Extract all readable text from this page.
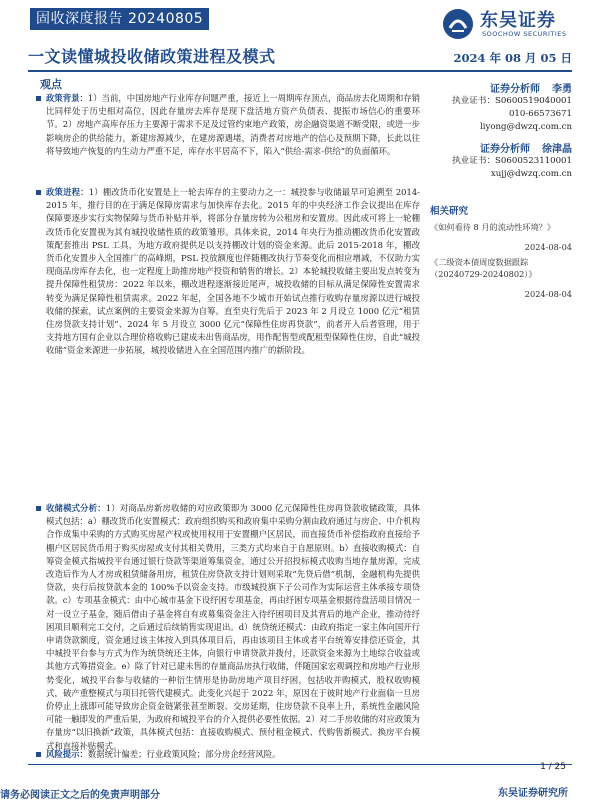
固收深度报告 20240805	东吴证券
SOOCHOW SECURITIES
一文读懂城投收储政策进程及模式	2024 年 08 月 05 日
观点
政策背景：1）当前，中国房地产行业库存问题严重，接近上一周期库存顶点，商品房去化周期和存销比同样处于历史相对高位，因此存量房去库存是现下盘活地方资产负债表、提振市场信心的重要环节。2）房地产高库存压力主要源于需求不足及过管约束地产政策，房企融资渠道不断受限，或进一步影响房企的供给能力，新建房源减少，在建房源遇堵，消费者对房地产的信心及预期下降，长此以往将导致地产恢复的内生动力严重不足，库存水平居高不下，陷入“供给-需求-供给”的负面循环。
政策进程：1）棚改货币化安置是上一轮去库存的主要动力之一：城投参与收储最早可追溯至 2014-2015 年，推行目的在于满足保障房需求与加快库存去化。2015 年的中央经济工作会议提出在库存保障要逐步实行实物保障与货币补贴并举，将部分存量房转为公租房和安置房。因此成可将上一轮棚改货币化安置视为其有城投收储性质的政策雏形。具体来说，2014 年央行为推动棚改货币化安置政策配套推出 PSL 工具，为地方政府提供足以支持棚改计划的资金来源。此后 2015-2018 年，棚改货币化安置步入全国推广的高峰期，PSL 投放额度也伴随棚改执行节奏变化而相应增减，不仅助力实现商品房库存去化，也一定程度上助推房地产投资和销售的增长。2）本轮城投收储主要出发点转变为提升保障性租赁房：2022 年以来，棚改进程逐渐接近尾声，城投收储的目标从满足保障性安置需求转变为满足保障性租赁需求。2022 年起，全国各地不少城市开始试点推行收购存量房源以进行城投收储的探索，试点案例的主要资金来源为自筹。直至央行先后于 2023 年 2 月设立 1000 亿元“租赁住房贷款支持计划”、2024 年 5 月设立 3000 亿元“保障性住房再贷款”，前者开入后者管理，用于支持地方国有企业以合理价格收购已建成未出售商品房，用作配售型或配租型保障性住房，自此“城投收储”资金来源进一步拓展，城投收储进入在全国范围内推广的新阶段。
收储模式分析：1）对商品房新房收储的对应政策即为 3000 亿元保障性住房再贷款收储政策，具体模式包括：a）棚改货币化安置模式：政府组织购买和政府集中采购分割由政府通过与房企、中介机构合作成集中采购的方式购买房屋产权或使用权用于安置棚户区居民，而直接货币补偿指政府直接给予棚户区居民货币用于购买房屋或支付其相关费用，三类方式均来自于自愿原则。b）直接收购模式：自筹资金模式指城投平台通过银行贷款等渠道筹集资金，通过公开招投标模式收购当地存量房源，完成改造后作为人才房或租赁储备用房，租赁住房贷款支持计划则采取“先贷后借”机制，金融机构先提供贷款，央行后按贷款本金的 100%予以资金支持。市级城投旗下子公司作为实际运营主体承接专项贷款。c）专项基金模式：由中心城市基金下设纾困专项基金，再由纾困专项基金根据待盘活项目情况一对一设立子基金，随后借由子基金将自有或募集资金注入待纾困项目及其背后的地产企业，推动待纾困项目顺利完工交付，之后通过后续销售实现退出。d）统贷统还模式：由政府指定一家主体向国开行申请贷款额度，资金通过该主体按入到具体项目后，再由该项目主体或者平台统筹安排偿还资金，其中城投平台参与方式为作为统贷统还主体，向银行申请贷款并拨付，还款资金来源为土地综合收益或其他方式筹措资金。e）除了针对已建未售的存量商品房执行收储，伴随国家宏观调控和房地产行业形势变化，城投平台参与收储的一种衍生情形是协助房地产项目纾困，包括收并购模式，股权收购模式，破产重整模式与项目托管代建模式。此变化兴起于 2022 年，原因在于彼时地产行业面临一旦房价停止上涨即可能导致房企资金链紧张甚至断裂、交房延期，住房贷款不良率上升，系统性金融风险可能一触即发的严重后果，为政府和城投平台的介入提供必要性依据。2）对二手房收储的对应政策为存量房“以旧换新”政策，具体模式包括：直接收购模式、预付租金模式、代购售新模式、换房平台模式和直接补贴模式。
风险提示：数据统计偏差；行业政策风险；部分房企经营风险。
证券分析师 李勇
执业证书：S0600519040001
010-66573671
liyong@dwzq.com.cn
证券分析师 徐津晶
执业证书：S0600523110001
xujj@dwzq.com.cn
相关研究
《如何看待 8 月的流动性环境？》
2024-08-04
《二级资本债周度数据跟踪（20240729-20240802）》
2024-08-04
1 / 25
请务必阅读正文之后的免责声明部分	东吴证券研究所
